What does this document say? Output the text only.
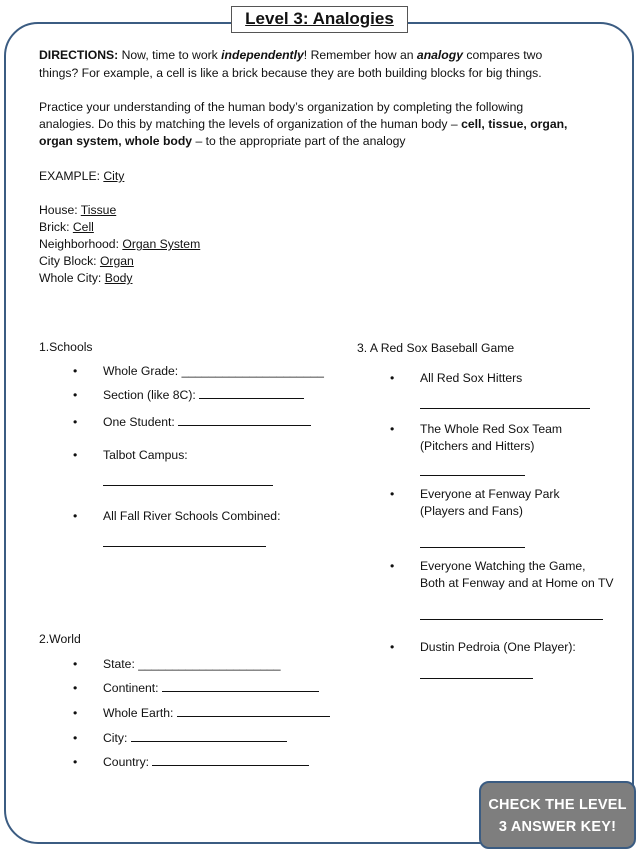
Level 3: Analogies
DIRECTIONS: Now, time to work independently! Remember how an analogy compares two
things? For example, a cell is like a brick because they are both building blocks for big things.
Practice your understanding of the human body’s organization by completing the following
analogies. Do this by matching the levels of organization of the human body – cell, tissue, organ,
organ system, whole body – to the appropriate part of the analogy
EXAMPLE: City
House: Tissue
Brick: Cell
Neighborhood: Organ System
City Block: Organ
Whole City: Body
1.Schools
• Whole Grade: _____________________
• Section (like 8C):
• One Student:
• Talbot Campus:
• All Fall River Schools Combined:
2.World
• State: _____________________
• Continent:
• Whole Earth:
• City:
• Country:
3. A Red Sox Baseball Game
• All Red Sox Hitters
• The Whole Red Sox Team
(Pitchers and Hitters)
• Everyone at Fenway Park
(Players and Fans)
• Everyone Watching the Game,
Both at Fenway and at Home on TV
• Dustin Pedroia (One Player):
CHECK THE LEVEL
3 ANSWER KEY!
